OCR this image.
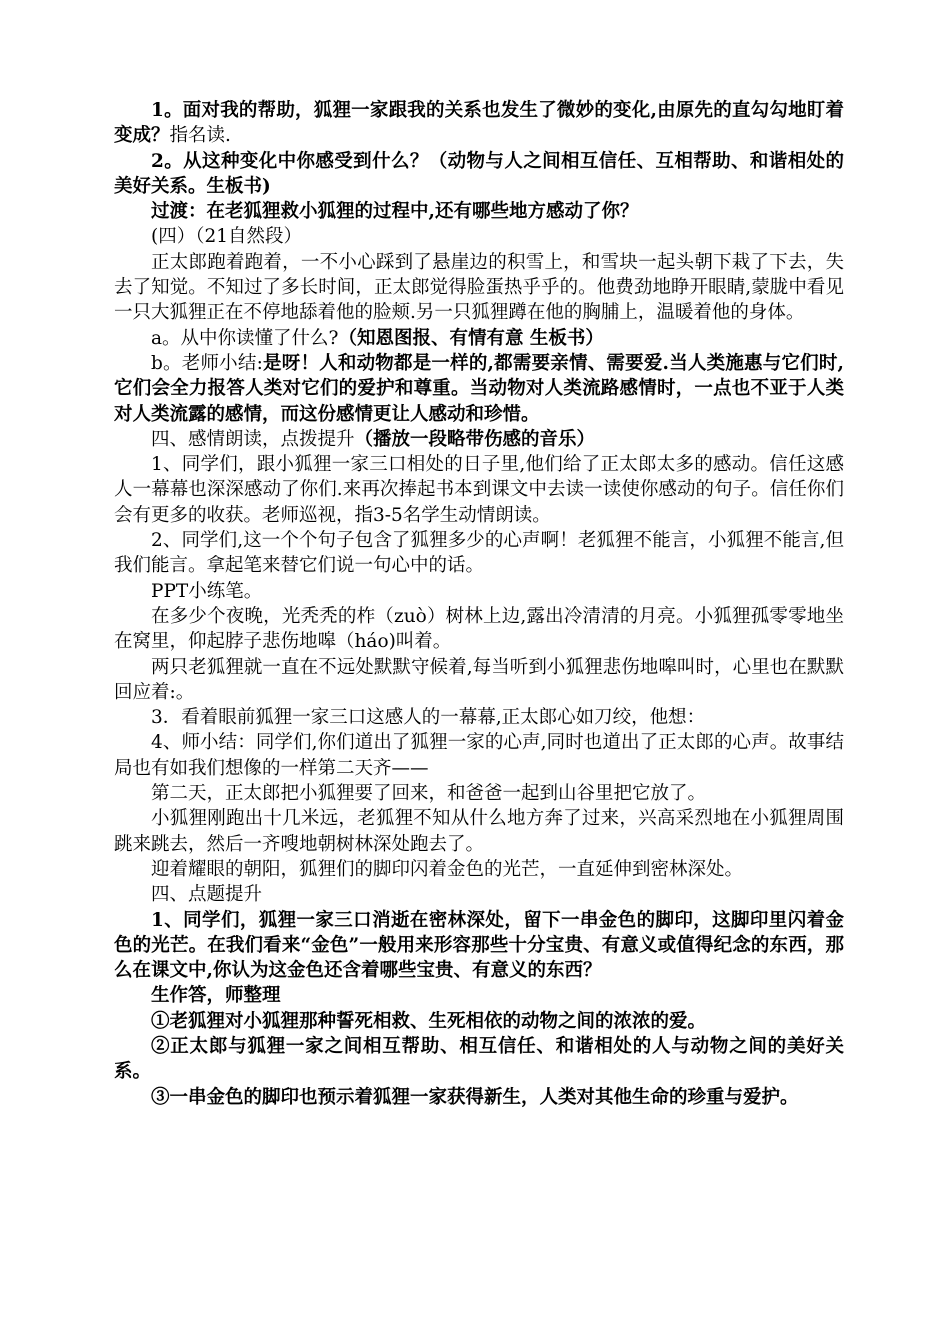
1。面对我的帮助，狐狸一家跟我的关系也发生了微妙的变化,由原先的直勾勾地盯着变成？指名读.

2。从这种变化中你感受到什么？（动物与人之间相互信任、互相帮助、和谐相处的美好关系。生板书)

过渡：在老狐狸救小狐狸的过程中,还有哪些地方感动了你？

(四）（21自然段）

正太郎跑着跑着，一不小心踩到了悬崖边的积雪上，和雪块一起头朝下栽了下去，失去了知觉。不知过了多长时间，正太郎觉得脸蛋热乎乎的。他费劲地睁开眼睛,蒙胧中看见一只大狐狸正在不停地舔着他的脸颊.另一只狐狸蹲在他的胸脯上，温暖着他的身体。

a。从中你读懂了什么?（知恩图报、有情有意 生板书）

b。老师小结:是呀！人和动物都是一样的,都需要亲情、需要爱.当人类施惠与它们时,它们会全力报答人类对它们的爱护和尊重。当动物对人类流路感情时，一点也不亚于人类对人类流露的感情，而这份感情更让人感动和珍惜。

四、感情朗读，点拨提升（播放一段略带伤感的音乐）

1、同学们，跟小狐狸一家三口相处的日子里,他们给了正太郎太多的感动。信任这感人一幕幕也深深感动了你们.来再次捧起书本到课文中去读一读使你感动的句子。信任你们会有更多的收获。老师巡视，指3-5名学生动情朗读。

2、同学们,这一个个句子包含了狐狸多少的心声啊！老狐狸不能言，小狐狸不能言,但我们能言。拿起笔来替它们说一句心中的话。

PPT小练笔。

在多少个夜晚，光秃秃的柞（zuò）树林上边,露出冷清清的月亮。小狐狸孤零零地坐在窝里，仰起脖子悲伤地嗥（háo)叫着。

两只老狐狸就一直在不远处默默守候着,每当听到小狐狸悲伤地嗥叫时，心里也在默默回应着:。

3．看着眼前狐狸一家三口这感人的一幕幕,正太郎心如刀绞，他想：

4、师小结：同学们,你们道出了狐狸一家的心声,同时也道出了正太郎的心声。故事结局也有如我们想像的一样第二天齐——

第二天，正太郎把小狐狸要了回来，和爸爸一起到山谷里把它放了。

小狐狸刚跑出十几米远，老狐狸不知从什么地方奔了过来，兴高采烈地在小狐狸周围跳来跳去，然后一齐嗖地朝树林深处跑去了。

迎着耀眼的朝阳，狐狸们的脚印闪着金色的光芒，一直延伸到密林深处。

四、点题提升

1、同学们，狐狸一家三口消逝在密林深处，留下一串金色的脚印，这脚印里闪着金色的光芒。在我们看来“金色”一般用来形容那些十分宝贵、有意义或值得纪念的东西，那么在课文中,你认为这金色还含着哪些宝贵、有意义的东西？

生作答，师整理

①老狐狸对小狐狸那种誓死相救、生死相依的动物之间的浓浓的爱。

②正太郎与狐狸一家之间相互帮助、相互信任、和谐相处的人与动物之间的美好关系。

③一串金色的脚印也预示着狐狸一家获得新生，人类对其他生命的珍重与爱护。
